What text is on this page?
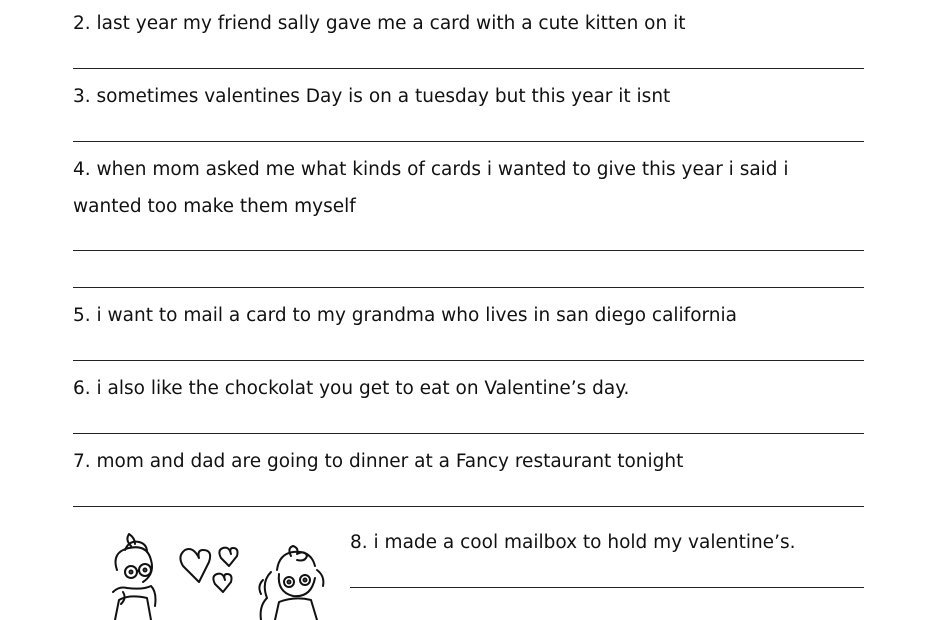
2. last year my friend sally gave me a card with a cute kitten on it
3. sometimes valentines Day is on a tuesday but this year it isnt
4. when mom asked me what kinds of cards i wanted to give this year i said i
wanted too make them myself
5. i want to mail a card to my grandma who lives in san diego california
6. i also like the chockolat you get to eat on Valentine’s day.
7. mom and dad are going to dinner at a Fancy restaurant tonight
8. i made a cool mailbox to hold my valentine’s.
